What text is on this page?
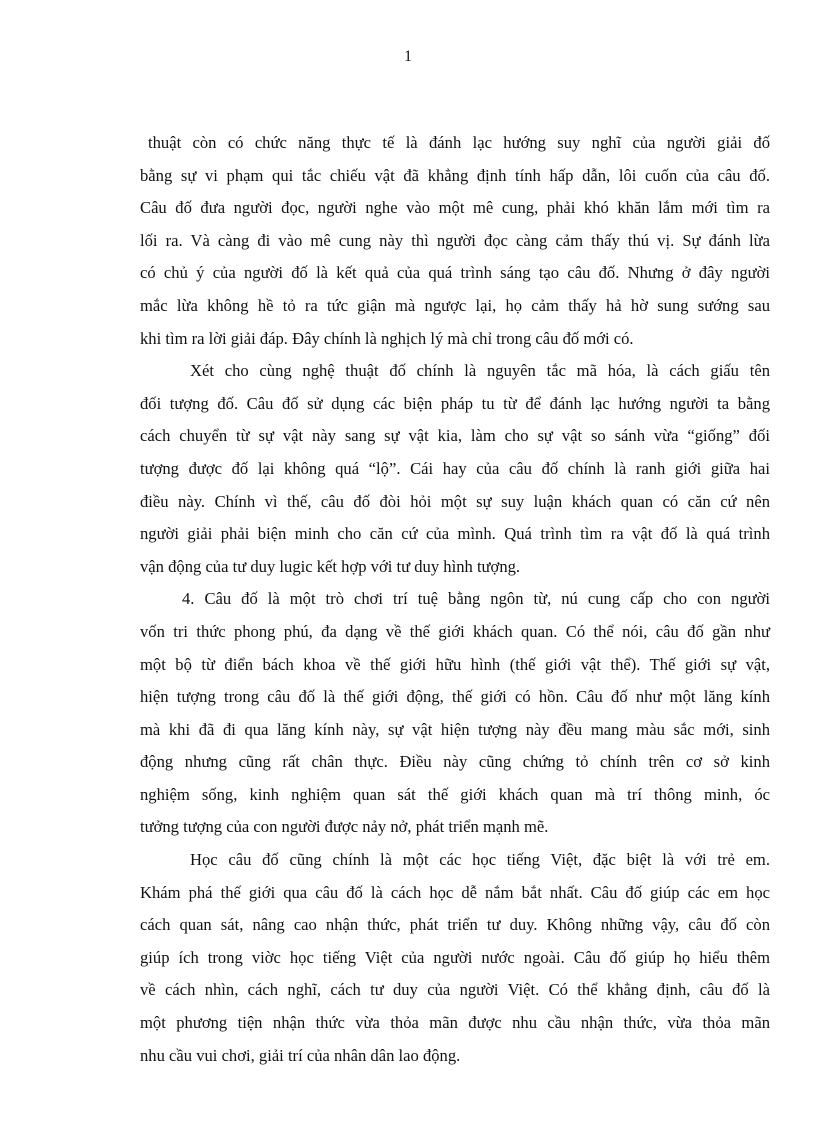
1
thuật còn có chức năng thực tế là đánh lạc hướng suy nghĩ của người giải đố
bằng sự vi phạm qui tắc chiếu vật đã khẳng định tính hấp dẫn, lôi cuốn của câu đố.
Câu đố đưa người đọc, người nghe vào một mê cung, phải khó khăn lắm mới tìm ra
lối ra. Và càng đi vào mê cung này thì người đọc càng cảm thấy thú vị. Sự đánh lừa
có chủ ý của người đố là kết quả của quá trình sáng tạo câu đố. Nhưng ở đây người
mắc lừa không hề tỏ ra tức giận mà ngược lại, họ cảm thấy hả hờ sung sướng sau
khi tìm ra lời giải đáp. Đây chính là nghịch lý mà chỉ trong câu đố mới có.
Xét cho cùng nghệ thuật đố chính là nguyên tắc mã hóa, là cách giấu tên
đối tượng đố. Câu đố sử dụng các biện pháp tu từ để đánh lạc hướng người ta bằng
cách chuyển từ sự vật này sang sự vật kia, làm cho sự vật so sánh vừa “giống” đối
tượng được đố lại không quá “lộ”. Cái hay của câu đố chính là ranh giới giữa hai
điều này. Chính vì thế, câu đố đòi hỏi một sự suy luận khách quan có căn cứ nên
người giải phải biện minh cho căn cứ của mình. Quá trình tìm ra vật đố là quá trình
vận động của tư duy lugic kết hợp với tư duy hình tượng.
4. Câu đố là một trò chơi trí tuệ bằng ngôn từ, nú cung cấp cho con người
vốn tri thức phong phú, đa dạng về thế giới khách quan. Có thể nói, câu đố gần như
một bộ từ điển bách khoa về thế giới hữu hình (thế giới vật thể). Thế giới sự vật,
hiện tượng trong câu đố là thế giới động, thế giới có hồn. Câu đố như một lăng kính
mà khi đã đi qua lăng kính này, sự vật hiện tượng này đều mang màu sắc mới, sinh
động nhưng cũng rất chân thực. Điều này cũng chứng tỏ chính trên cơ sở kinh
nghiệm sống, kinh nghiệm quan sát thế giới khách quan mà trí thông minh, óc
tưởng tượng của con người được nảy nở, phát triển mạnh mẽ.
Học câu đố cũng chính là một các học tiếng Việt, đặc biệt là với trẻ em.
Khám phá thế giới qua câu đố là cách học dễ nắm bắt nhất. Câu đố giúp các em học
cách quan sát, nâng cao nhận thức, phát triển tư duy. Không những vậy, câu đố còn
giúp ích trong viờc học tiếng Việt của người nước ngoài. Câu đố giúp họ hiểu thêm
về cách nhìn, cách nghĩ, cách tư duy của người Việt. Có thể khẳng định, câu đố là
một phương tiện nhận thức vừa thỏa mãn được nhu cầu nhận thức, vừa thỏa mãn
nhu cầu vui chơi, giải trí của nhân dân lao động.
